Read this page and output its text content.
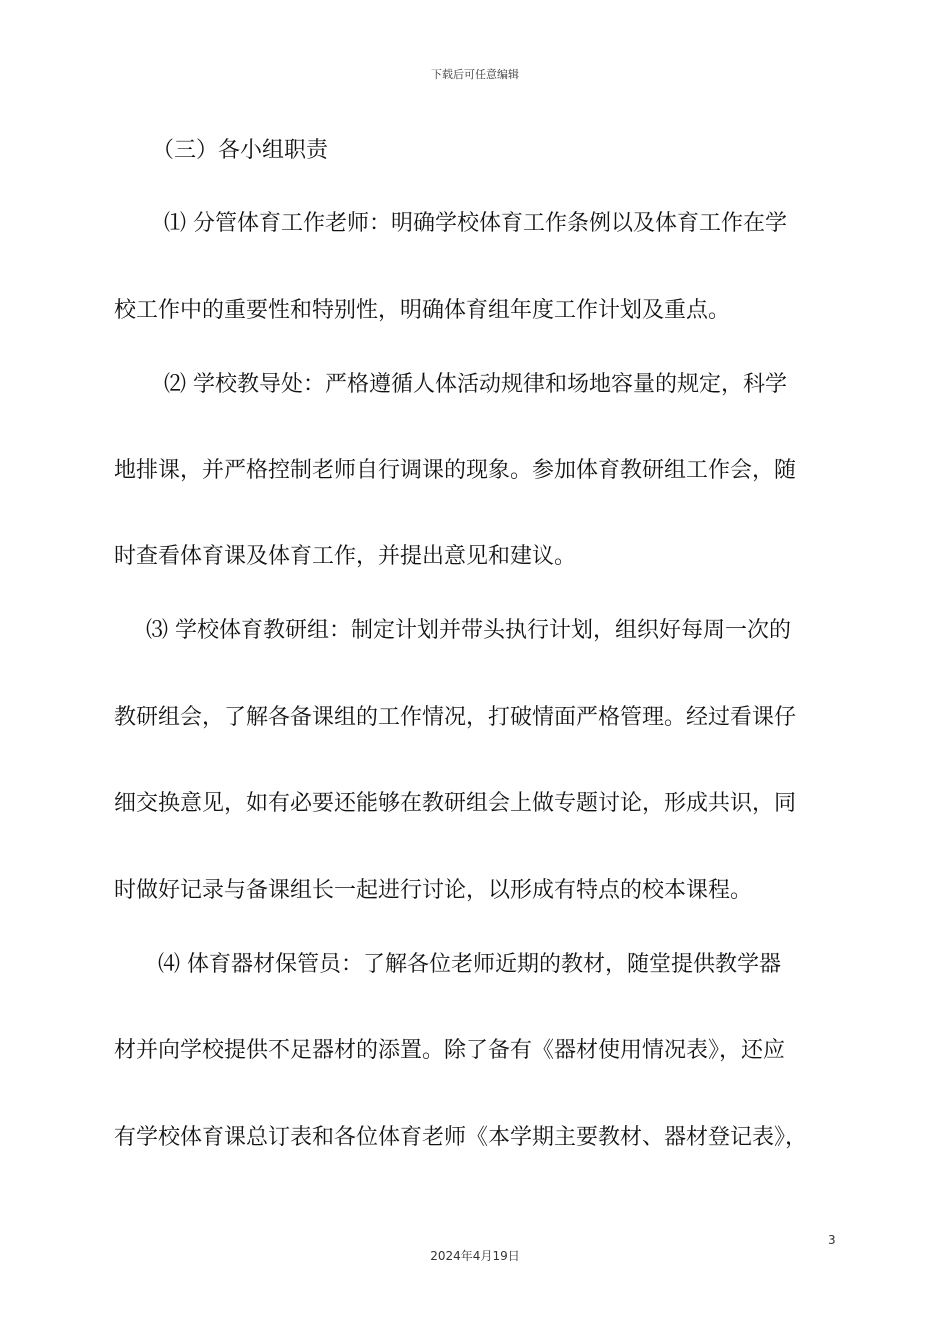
下载后可任意编辑
（三）各小组职责
⑴ 分管体育工作老师：明确学校体育工作条例以及体育工作在学
校工作中的重要性和特别性，明确体育组年度工作计划及重点。
⑵ 学校教导处：严格遵循人体活动规律和场地容量的规定，科学
地排课，并严格控制老师自行调课的现象。参加体育教研组工作会，随
时查看体育课及体育工作，并提出意见和建议。
⑶ 学校体育教研组：制定计划并带头执行计划，组织好每周一次的
教研组会，了解各备课组的工作情况，打破情面严格管理。经过看课仔
细交换意见，如有必要还能够在教研组会上做专题讨论，形成共识，同
时做好记录与备课组长一起进行讨论，以形成有特点的校本课程。
⑷ 体育器材保管员：了解各位老师近期的教材，随堂提供教学器
材并向学校提供不足器材的添置。除了备有《器材使用情况表》，还应
有学校体育课总订表和各位体育老师《本学期主要教材、器材登记表》，
3
2024年4月19日
